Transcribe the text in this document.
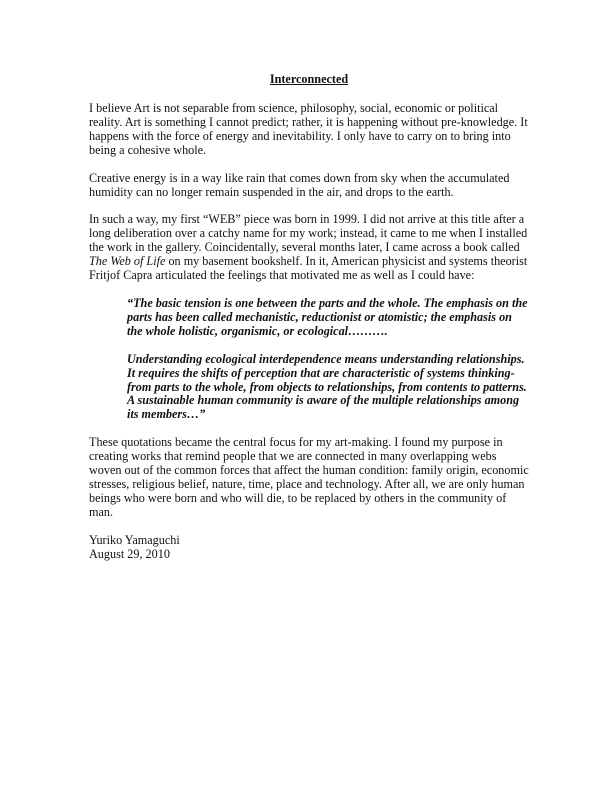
Interconnected

I believe Art is not separable from science, philosophy, social, economic or political reality. Art is something I cannot predict; rather, it is happening without pre-knowledge. It happens with the force of energy and inevitability. I only have to carry on to bring into being a cohesive whole.

Creative energy is in a way like rain that comes down from sky when the accumulated humidity can no longer remain suspended in the air, and drops to the earth.

In such a way, my first “WEB” piece was born in 1999. I did not arrive at this title after a long deliberation over a catchy name for my work; instead, it came to me when I installed the work in the gallery. Coincidentally, several months later, I came across a book called The Web of Life on my basement bookshelf. In it, American physicist and systems theorist Fritjof Capra articulated the feelings that motivated me as well as I could have:

“The basic tension is one between the parts and the whole. The emphasis on the parts has been called mechanistic, reductionist or atomistic; the emphasis on the whole holistic, organismic, or ecological……….

Understanding ecological interdependence means understanding relationships. It requires the shifts of perception that are characteristic of systems thinking- from parts to the whole, from objects to relationships, from contents to patterns. A sustainable human community is aware of the multiple relationships among its members…”

These quotations became the central focus for my art-making. I found my purpose in creating works that remind people that we are connected in many overlapping webs woven out of the common forces that affect the human condition: family origin, economic stresses, religious belief, nature, time, place and technology. After all, we are only human beings who were born and who will die, to be replaced by others in the community of man.

Yuriko Yamaguchi
August 29, 2010
